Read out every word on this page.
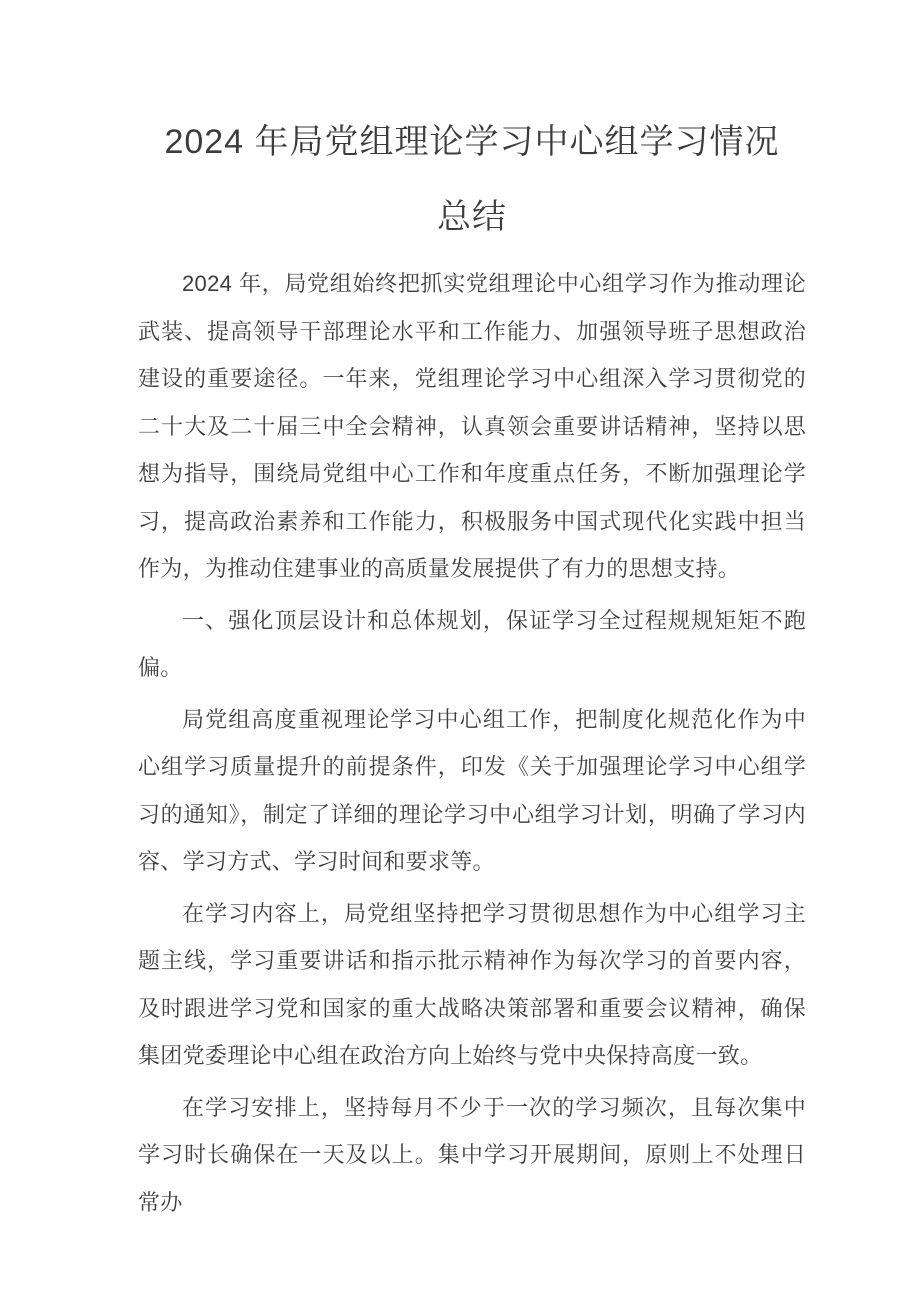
2024 年局党组理论学习中心组学习情况
总结

2024 年，局党组始终把抓实党组理论中心组学习作为推动理论武装、提高领导干部理论水平和工作能力、加强领导班子思想政治建设的重要途径。一年来，党组理论学习中心组深入学习贯彻党的二十大及二十届三中全会精神，认真领会重要讲话精神，坚持以思想为指导，围绕局党组中心工作和年度重点任务，不断加强理论学习，提高政治素养和工作能力，积极服务中国式现代化实践中担当作为，为推动住建事业的高质量发展提供了有力的思想支持。

一、强化顶层设计和总体规划，保证学习全过程规规矩矩不跑偏。

局党组高度重视理论学习中心组工作，把制度化规范化作为中心组学习质量提升的前提条件，印发《关于加强理论学习中心组学习的通知》，制定了详细的理论学习中心组学习计划，明确了学习内容、学习方式、学习时间和要求等。

在学习内容上，局党组坚持把学习贯彻思想作为中心组学习主题主线，学习重要讲话和指示批示精神作为每次学习的首要内容，及时跟进学习党和国家的重大战略决策部署和重要会议精神，确保集团党委理论中心组在政治方向上始终与党中央保持高度一致。

在学习安排上，坚持每月不少于一次的学习频次，且每次集中学习时长确保在一天及以上。集中学习开展期间，原则上不处理日常办
